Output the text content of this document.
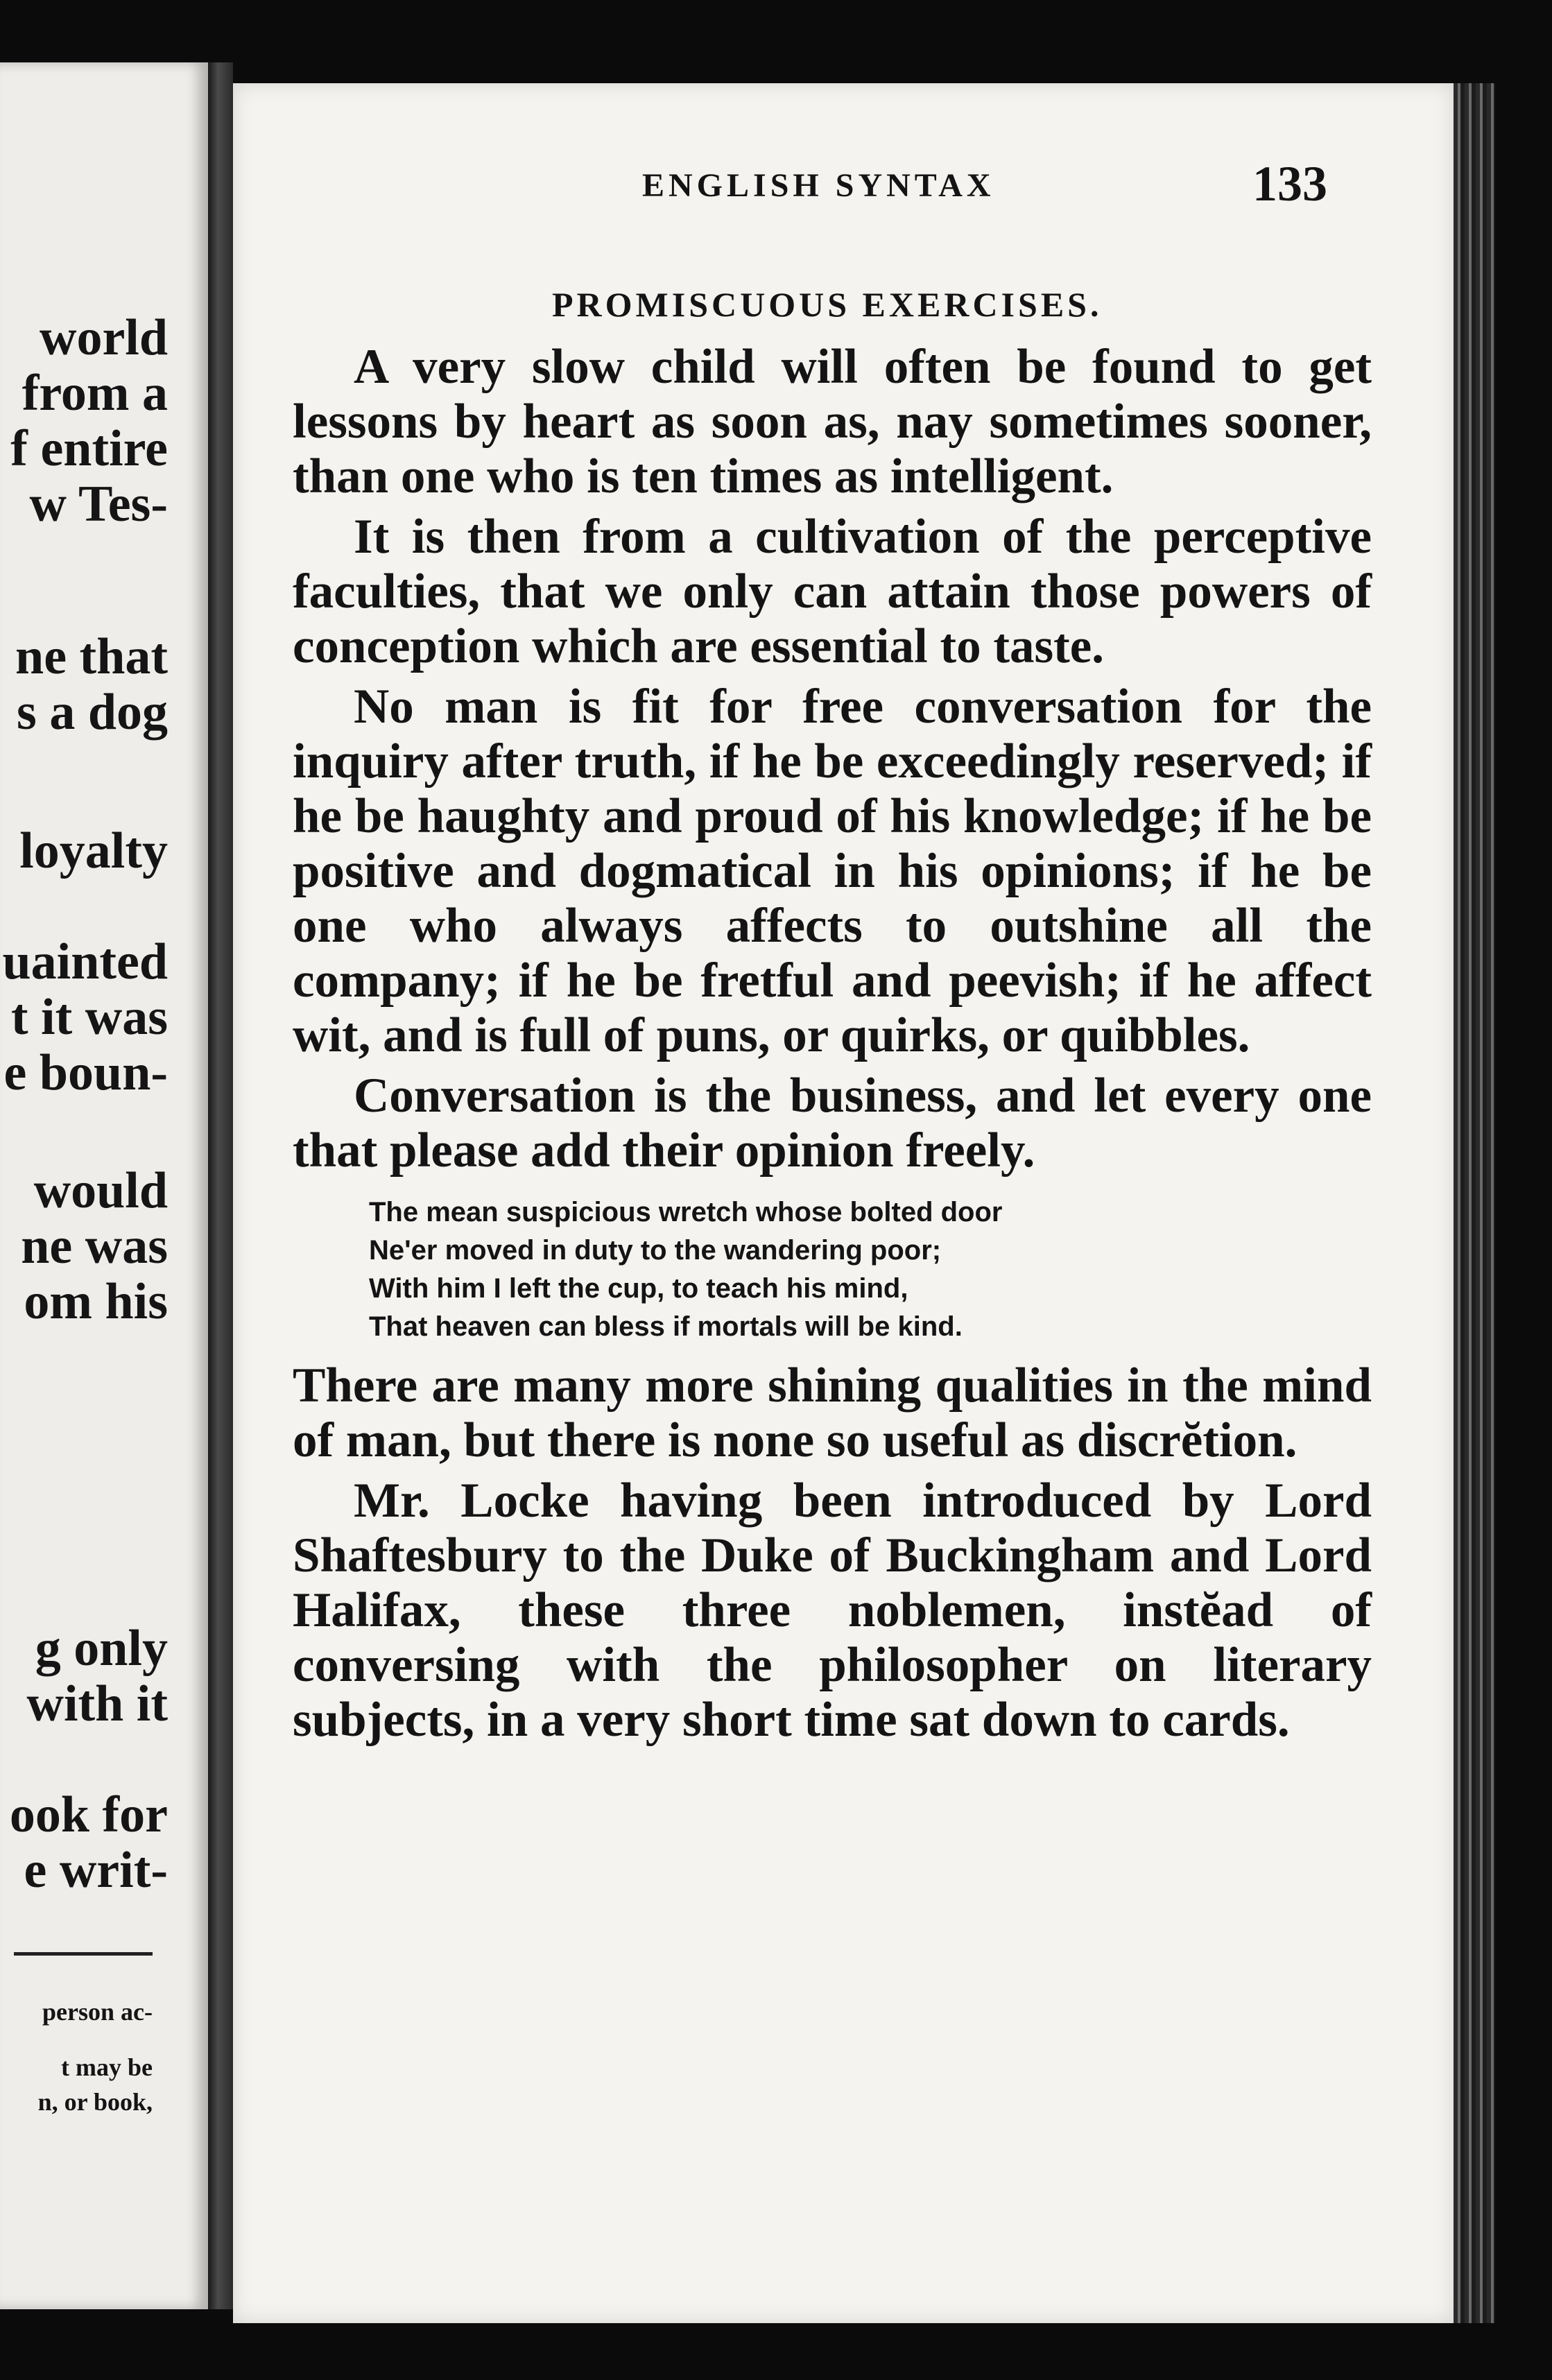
world

from a

f entire

w Tes-

ne that

s a dog

loyalty

uainted

t it was

e boun-

would

ne was

om his

g only

with it

ook for

e writ-

person ac-

t may be

n, or book,

ENGLISH SYNTAX	133

PROMISCUOUS EXERCISES.

A very slow child will often be found to get lessons by heart as soon as, nay sometimes sooner, than one who is ten times as intelligent.

It is then from a cultivation of the perceptive faculties, that we only can attain those powers of conception which are essential to taste.

No man is fit for free conversation for the inquiry after truth, if he be exceedingly reserved; if he be haughty and proud of his knowledge; if he be positive and dogmatical in his opinions; if he be one who always affects to outshine all the company; if he be fretful and peevish; if he affect wit, and is full of puns, or quirks, or quibbles.

Conversation is the business, and let every one that please add their opinion freely.

The mean suspicious wretch whose bolted door

Ne'er moved in duty to the wandering poor;

With him I left the cup, to teach his mind,

That heaven can bless if mortals will be kind.

There are many more shining qualities in the mind of man, but there is none so useful as discrĕtion.

Mr. Locke having been introduced by Lord Shaftesbury to the Duke of Buckingham and Lord Halifax, these three noblemen, instĕad of conversing with the philosopher on literary subjects, in a very short time sat down to cards.
